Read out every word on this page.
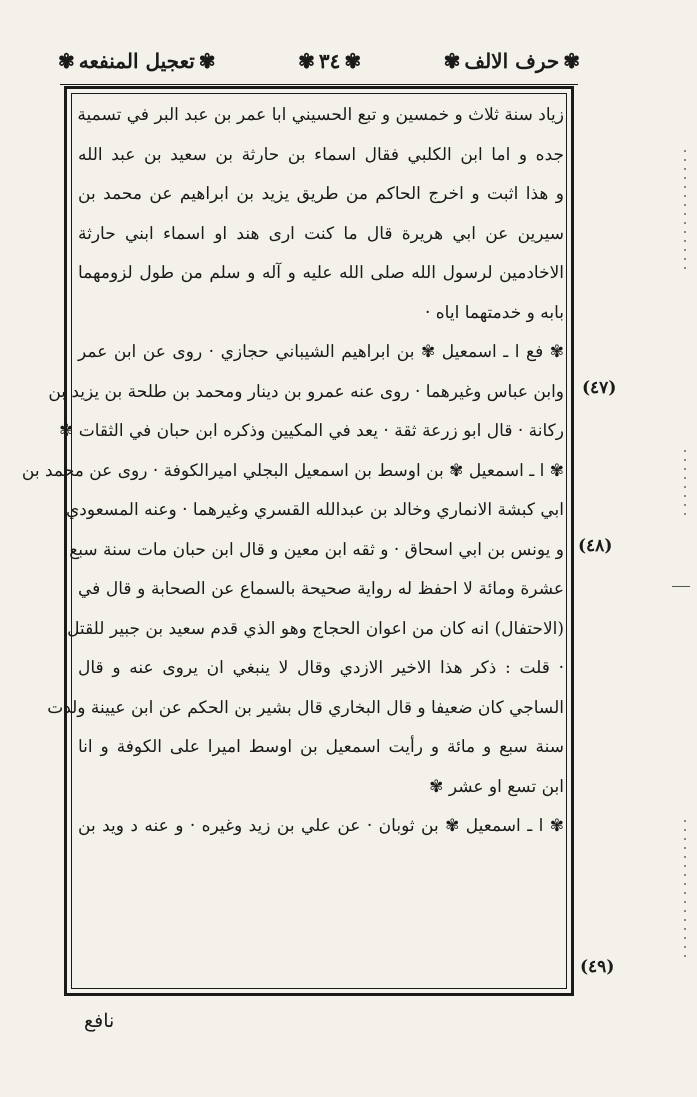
✾
حرف الالف
✾
✾
٣٤
✾
✾
تعجيل المنفعه
✾
زياد سنة ثلاث و خمسين و تبع الحسيني ابا عمر بن عبد البر في تسمية
جده و اما ابن الكلبي فقال اسماء بن حارثة بن سعيد بن عبد الله
و هذا اثبت و اخرج الحاكم من طريق يزيد بن ابراهيم عن محمد بن
سيرين عن ابي هريرة قال ما كنت ارى هند او اسماء ابني حارثة
الاخادمين لرسول الله صلى الله عليه و آله و سلم من طول لزومهما
بابه و خدمتهما اياه ·
✾ فع ا ـ اسمعيل ✾ بن ابراهيم الشيباني حجازي · روى عن ابن عمر
وابن عباس وغيرهما · روى عنه عمرو بن دينار ومحمد بن طلحة بن يزيد بن
ركانة · قال ابو زرعة ثقة · يعد في المكيين وذكره ابن حبان في الثقات ✾
✾ ا ـ اسمعيل ✾ بن اوسط بن اسمعيل البجلي اميرالكوفة · روى عن محمد بن
ابي كبشة الانماري وخالد بن عبدالله القسري وغيرهما · وعنه المسعودي
و يونس بن ابي اسحاق · و ثقه ابن معين و قال ابن حبان مات سنة سبع
عشرة ومائة لا احفظ له رواية صحيحة بالسماع عن الصحابة و قال في
(الاحتفال) انه كان من اعوان الحجاج وهو الذي قدم سعيد بن جبير للقتل
· قلت : ذكر هذا الاخير الازدي وقال لا ينبغي ان يروى عنه و قال
الساجي كان ضعيفا و قال البخاري قال بشير بن الحكم عن ابن عيينة ولدت
سنة سبع و مائة و رأيت اسمعيل بن اوسط اميرا على الكوفة و انا
ابن تسع او عشر ✾
✾ ا ـ اسمعيل ✾ بن ثوبان · عن علي بن زيد وغيره · و عنه د ويد بن
(٤٧)
(٤٨)
(٤٩)
نافع
